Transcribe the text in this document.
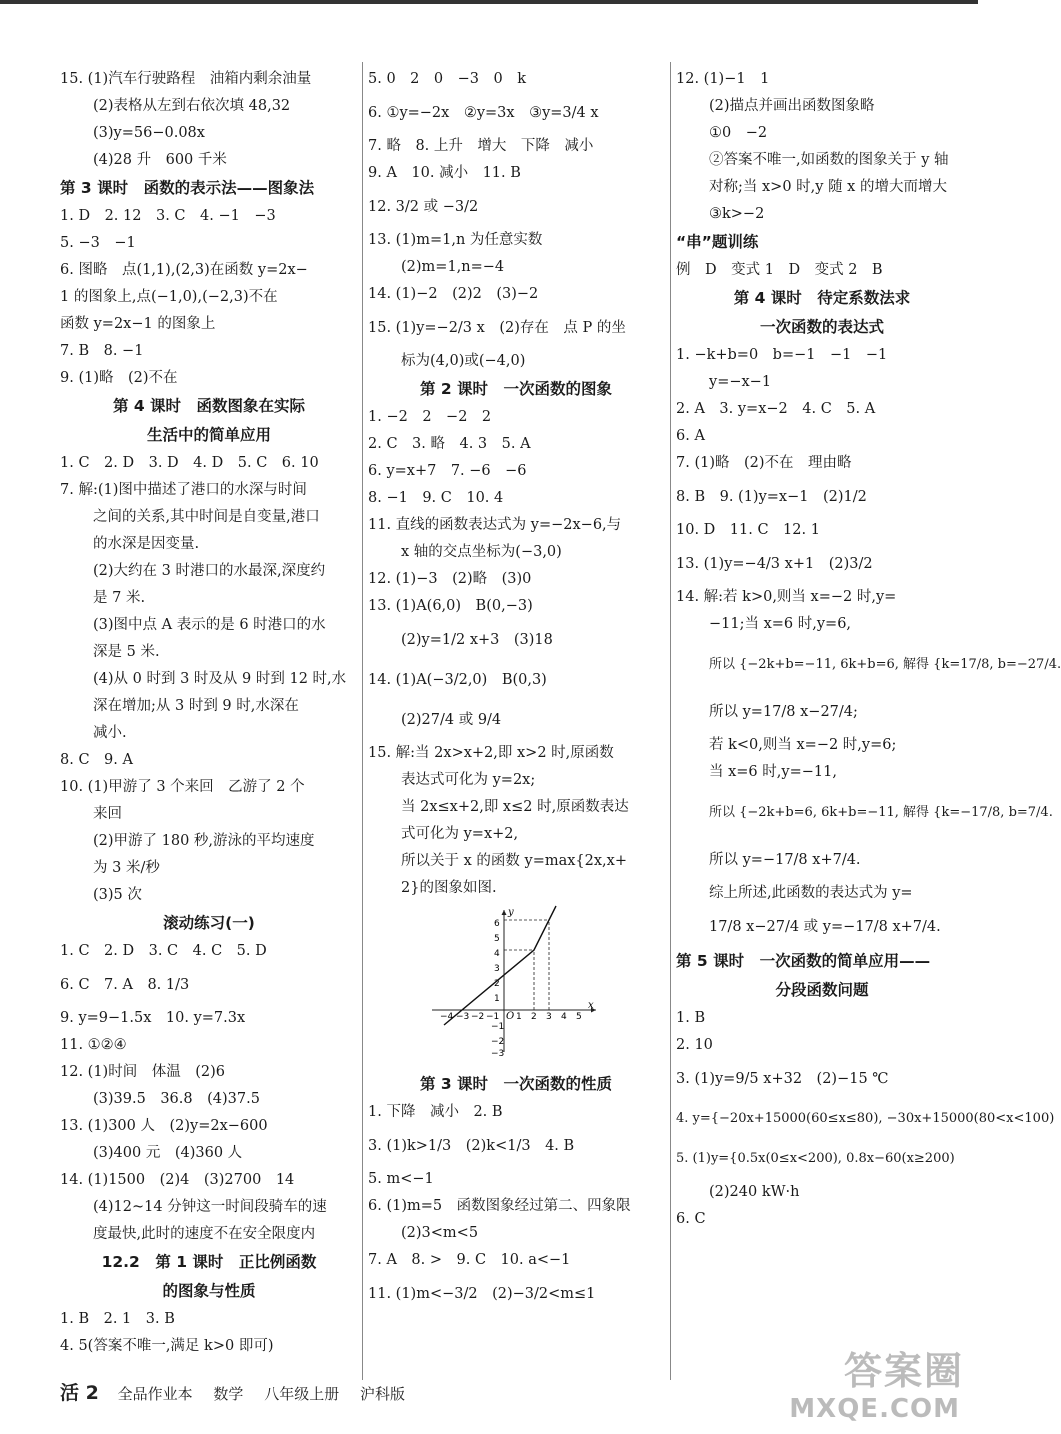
15. (1)汽车行驶路程　油箱内剩余油量
(2)表格从左到右依次填 48,32
(3)y=56−0.08x
(4)28 升　600 千米
第 3 课时　函数的表示法——图象法
1. D　2. 12　3. C　4. −1　−3
5. −3　−1
6. 图略　点(1,1),(2,3)在函数 y=2x−
1 的图象上,点(−1,0),(−2,3)不在
函数 y=2x−1 的图象上
7. B　8. −1
9. (1)略　(2)不在
第 4 课时　函数图象在实际
生活中的简单应用
1. C　2. D　3. D　4. D　5. C　6. 10
7. 解:(1)图中描述了港口的水深与时间
之间的关系,其中时间是自变量,港口
的水深是因变量.
(2)大约在 3 时港口的水最深,深度约
是 7 米.
(3)图中点 A 表示的是 6 时港口的水
深是 5 米.
(4)从 0 时到 3 时及从 9 时到 12 时,水
深在增加;从 3 时到 9 时,水深在
减小.
8. C　9. A
10. (1)甲游了 3 个来回　乙游了 2 个
来回
(2)甲游了 180 秒,游泳的平均速度
为 3 米/秒
(3)5 次
滚动练习(一)
1. C　2. D　3. C　4. C　5. D
6. C　7. A　8. 1/3
9. y=9−1.5x　10. y=7.3x
11. ①②④
12. (1)时间　体温　(2)6
(3)39.5　36.8　(4)37.5
13. (1)300 人　(2)y=2x−600
(3)400 元　(4)360 人
14. (1)1500　(2)4　(3)2700　14
(4)12~14 分钟这一时间段骑车的速
度最快,此时的速度不在安全限度内
12.2　第 1 课时　正比例函数
的图象与性质
1. B　2. 1　3. B
4. 5(答案不唯一,满足 k>0 即可)
5. 0　2　0　−3　0　k
6. ①y=−2x　②y=3x　③y=3/4 x
7. 略　8. 上升　增大　下降　减小
9. A　10. 减小　11. B
12. 3/2 或 −3/2
13. (1)m=1,n 为任意实数
(2)m=1,n=−4
14. (1)−2　(2)2　(3)−2
15. (1)y=−2/3 x　(2)存在　点 P 的坐
标为(4,0)或(−4,0)
第 2 课时　一次函数的图象
1. −2　2　−2　2
2. C　3. 略　4. 3　5. A
6. y=x+7　7. −6　−6
8. −1　9. C　10. 4
11. 直线的函数表达式为 y=−2x−6,与
x 轴的交点坐标为(−3,0)
12. (1)−3　(2)略　(3)0
13. (1)A(6,0)　B(0,−3)
(2)y=1/2 x+3　(3)18
14. (1)A(−3/2,0)　B(0,3)
(2)27/4 或 9/4
15. 解:当 2x>x+2,即 x>2 时,原函数
表达式可化为 y=2x;
当 2x≤x+2,即 x≤2 时,原函数表达
式可化为 y=x+2,
所以关于 x 的函数 y=max{2x,x+
2}的图象如图.
y
x
O
−4 −3 −2 −1 1 2 3 4 5
6
5
4
3
2
1
−1
−2
−3
第 3 课时　一次函数的性质
1. 下降　减小　2. B
3. (1)k>1/3　(2)k<1/3　4. B
5. m<−1
6. (1)m=5　函数图象经过第二、四象限
(2)3<m<5
7. A　8. >　9. C　10. a<−1
11. (1)m<−3/2　(2)−3/2<m≤1
12. (1)−1　1
(2)描点并画出函数图象略
①0　−2
②答案不唯一,如函数的图象关于 y 轴
对称;当 x>0 时,y 随 x 的增大而增大
③k>−2
“串”题训练
例　D　变式 1　D　变式 2　B
第 4 课时　待定系数法求
一次函数的表达式
1. −k+b=0　b=−1　−1　−1
y=−x−1
2. A　3. y=x−2　4. C　5. A
6. A
7. (1)略　(2)不在　理由略
8. B　9. (1)y=x−1　(2)1/2
10. D　11. C　12. 1
13. (1)y=−4/3 x+1　(2)3/2
14. 解:若 k>0,则当 x=−2 时,y=
−11;当 x=6 时,y=6,
所以 {−2k+b=−11, 6k+b=6, 解得 {k=17/8, b=−27/4.
所以 y=17/8 x−27/4;
若 k<0,则当 x=−2 时,y=6;
当 x=6 时,y=−11,
所以 {−2k+b=6, 6k+b=−11, 解得 {k=−17/8, b=7/4.
所以 y=−17/8 x+7/4.
综上所述,此函数的表达式为 y=
17/8 x−27/4 或 y=−17/8 x+7/4.
第 5 课时　一次函数的简单应用——
分段函数问题
1. B
2. 10
3. (1)y=9/5 x+32　(2)−15 ℃
4. y={−20x+15000(60≤x≤80), −30x+15000(80<x<100)
5. (1)y={0.5x(0≤x<200), 0.8x−60(x≥200)
(2)240 kW·h
6. C
活 2 全品作业本 数学 八年级上册 沪科版
答案圈
MXQE.COM
